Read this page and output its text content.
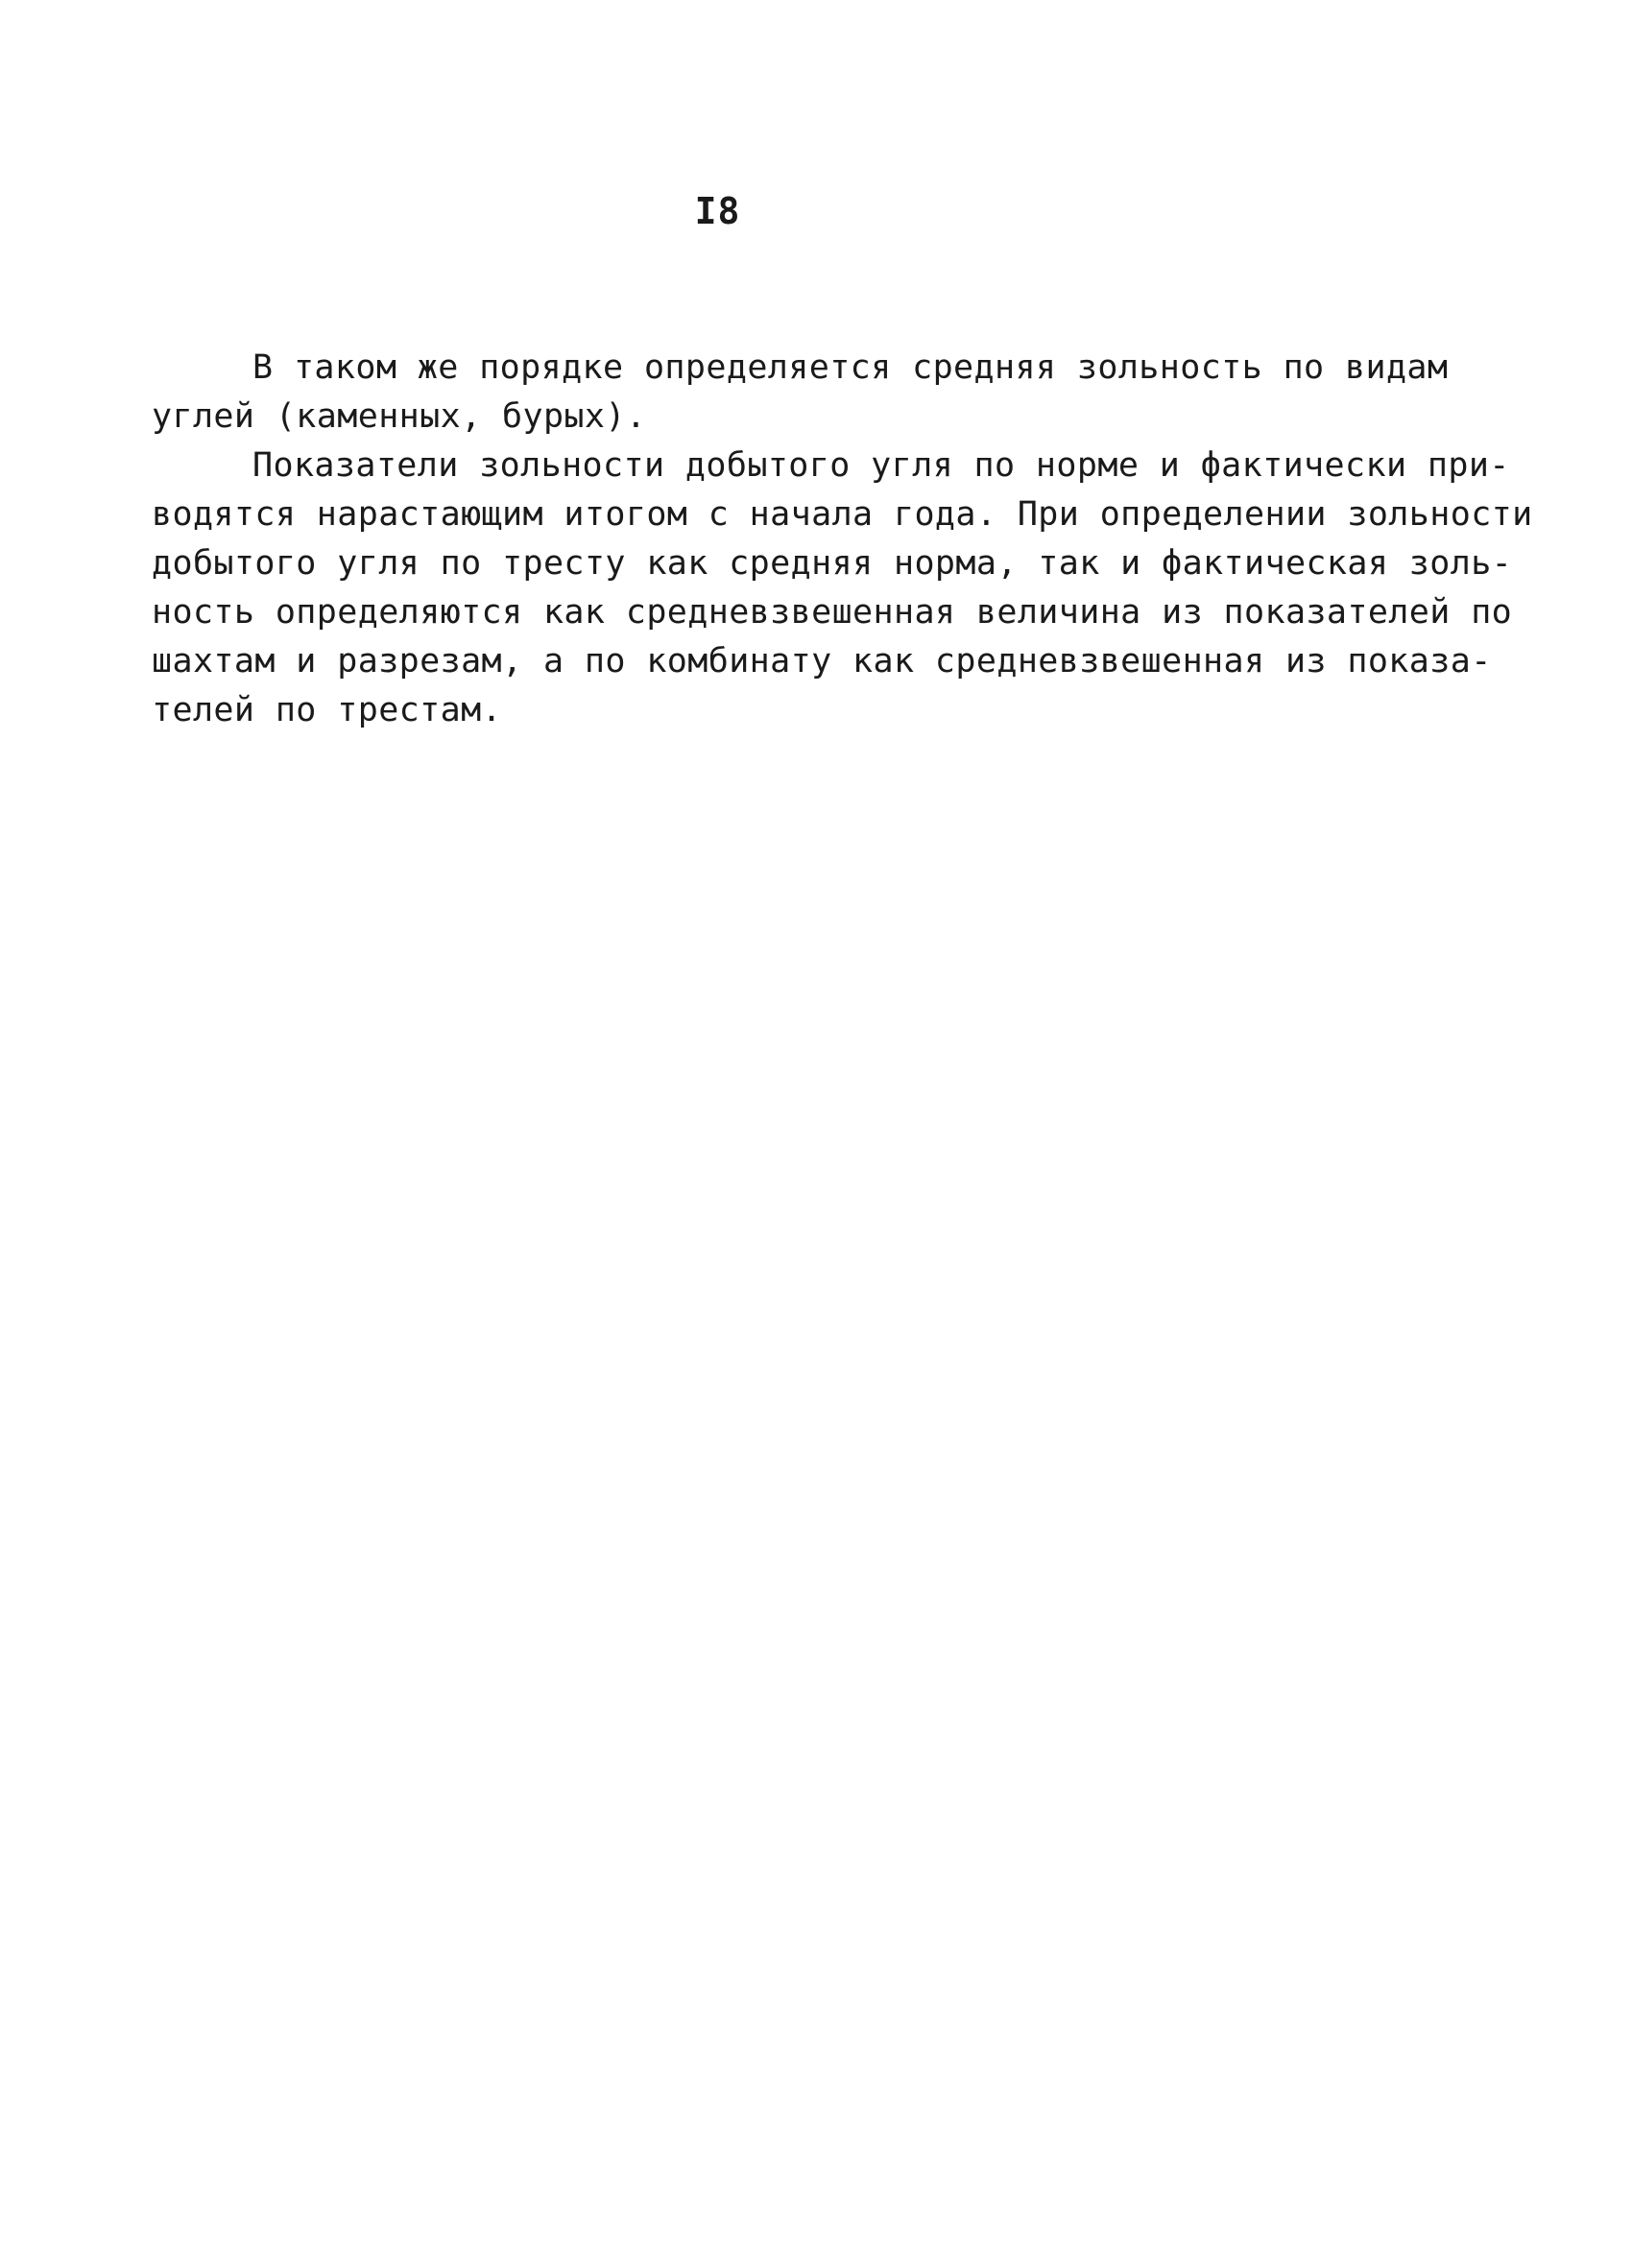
I8
В таком же порядке определяется средняя зольность по видам
углей (каменных, бурых).
Показатели зольности добытого угля по норме и фактически при-
водятся нарастающим итогом с начала года. При определении зольности
добытого угля по тресту как средняя норма, так и фактическая золь-
ность определяются как средневзвешенная величина из показателей по
шахтам и разрезам, а по комбинату как средневзвешенная из показа-
телей по трестам.
